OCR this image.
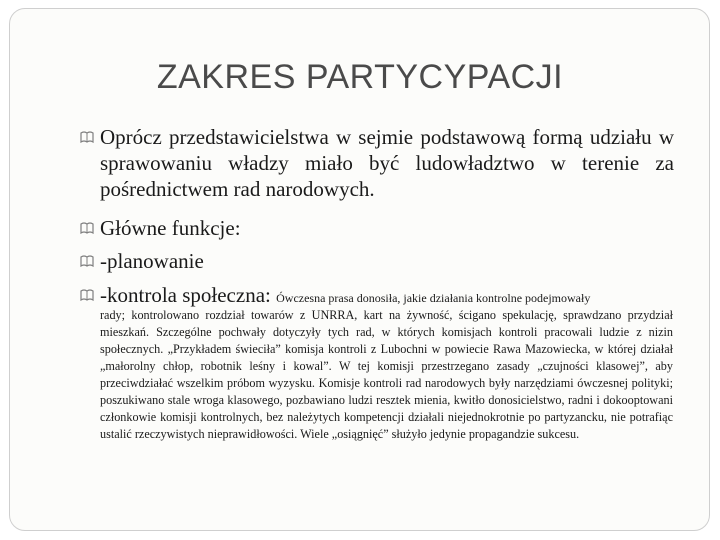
ZAKRES PARTYCYPACJI
Oprócz przedstawicielstwa w sejmie podstawową formą udziału w sprawowaniu władzy miało być ludowładztwo w terenie za pośrednictwem rad narodowych.
Główne funkcje:
-planowanie
-kontrola społeczna: Ówczesna prasa donosiła, jakie działania kontrolne podejmowały
rady; kontrolowano rozdział towarów z UNRRA, kart na żywność, ścigano spekulację, sprawdzano przydział mieszkań. Szczególne pochwały dotyczyły tych rad, w których komisjach kontroli pracowali ludzie z nizin społecznych. „Przykładem świeciła” komisja kontroli z Lubochni w powiecie Rawa Mazowiecka, w której działał „małorolny chłop, robotnik leśny i kowal”. W tej komisji przestrzegano zasady „czujności klasowej”, aby przeciwdziałać wszelkim próbom wyzysku. Komisje kontroli rad narodowych były narzędziami ówczesnej polityki; poszukiwano stale wroga klasowego, pozbawiano ludzi resztek mienia, kwitło donosicielstwo, radni i dokooptowani członkowie komisji kontrolnych, bez należytych kompetencji działali niejednokrotnie po partyzancku, nie potrafiąc ustalić rzeczywistych nieprawidłowości. Wiele „osiągnięć” służyło jedynie propagandzie sukcesu.
